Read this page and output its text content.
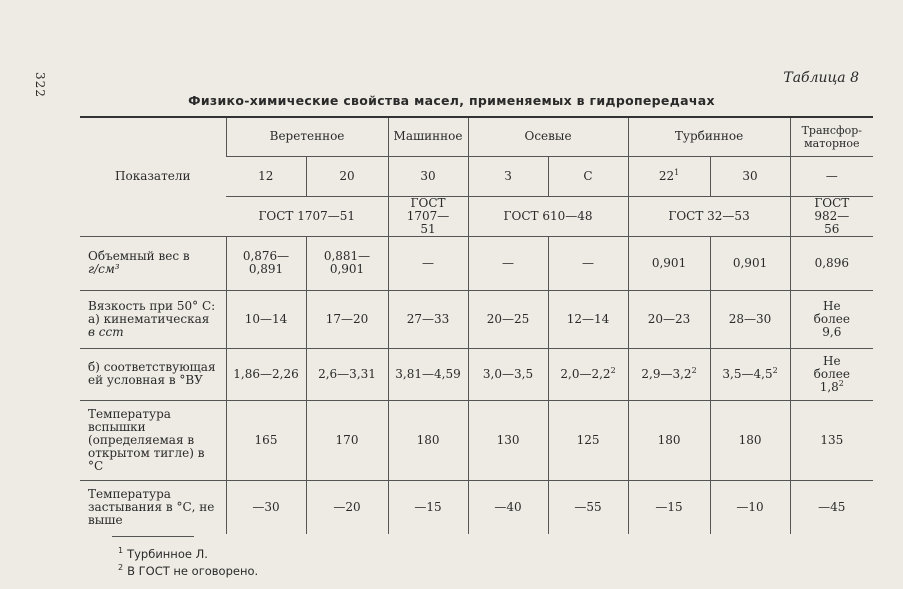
322	Таблица 8
Физико-химические свойства масел, применяемых в гидропередачах
Показатели	Веретенное		Машинное	Осевые		Турбинное		Трансфор-маторное
	12	20	30	З	С	$22^1$	30	—
	ГОСТ 1707—51		ГОСТ 1707—51	ГОСТ 610—48		ГОСТ 32—53		ГОСТ 982—56
Объемный вес в
г/см³	0,876—0,891	0,881—0,901	—	—	—	0,901	0,901	0,896
Вязкость при 50° С:
а) кинематическая
в сст	10—14	17—20	27—33	20—25	12—14	20—23	28—30	Не более 9,6
б) соответствующая ей условная в °ВУ	1,86—2,26	2,6—3,31	3,81—4,59	3,0—3,5	$2,0—2,2^2$	$2,9—3,2^2$	$3,5—4,5^2$	Не более $1,8^2$
Температура вспышки (определяемая в открытом тигле) в °С	165	170	180	130	125	180	180	135
Температура застывания в °С, не выше	—30	—20	—15	—40	—55	—15	—10	—45
$^1$ Турбинное Л.
$^2$ В ГОСТ не оговорено.
